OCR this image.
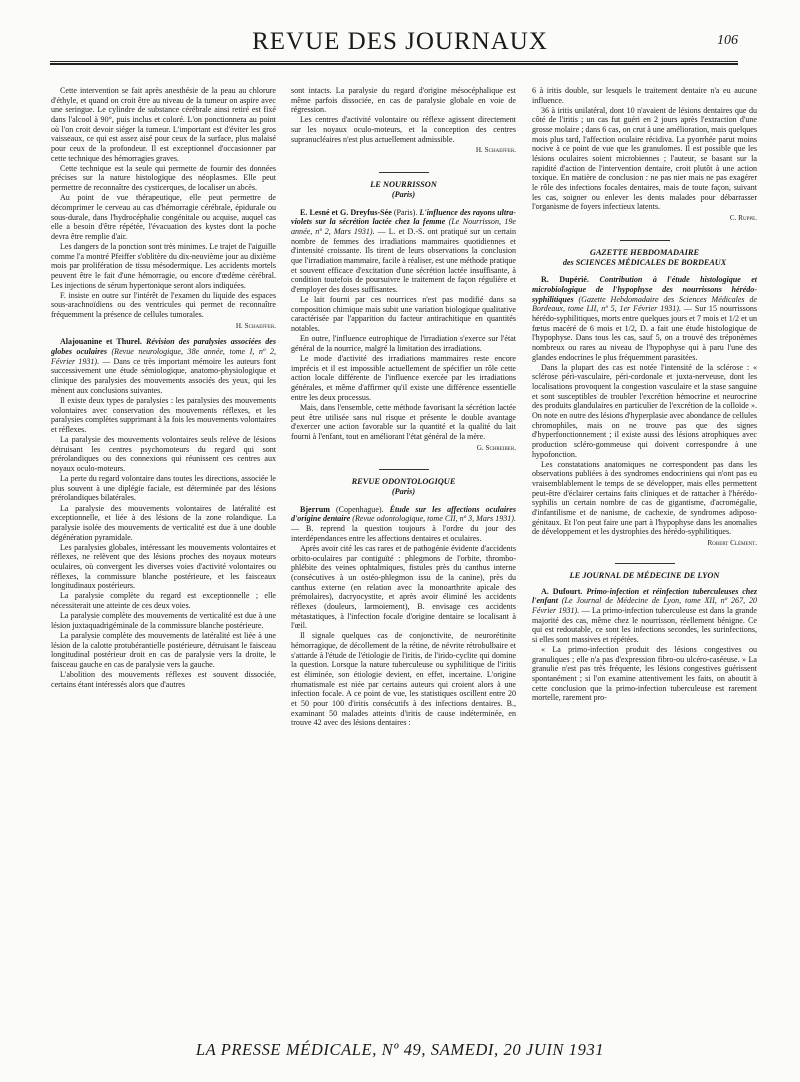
REVUE DES JOURNAUX	106

Cette intervention se fait après anesthésie de la peau au chlorure d'éthyle, et quand on croit être au niveau de la tumeur on aspire avec une seringue. Le cylindre de substance cérébrale ainsi retiré est fixé dans l'alcool à 90°, puis inclus et coloré. L'on ponctionnera au point où l'on croit devoir siéger la tumeur. L'important est d'éviter les gros vaisseaux, ce qui est assez aisé pour ceux de la surface, plus malaisé pour ceux de la profondeur. Il est exceptionnel d'occasionner par cette technique des hémorragies graves.

Cette technique est la seule qui permette de fournir des données précises sur la nature histologique des néoplasmes. Elle peut permettre de reconnaître des cysticerques, de localiser un abcès.

Au point de vue thérapeutique, elle peut permettre de décomprimer le cerveau au cas d'hémorragie cérébrale, épidurale ou sous-durale, dans l'hydrocéphalie congénitale ou acquise, auquel cas elle a besoin d'être répétée, l'évacuation des kystes dont la poche devra être remplie d'air.

Les dangers de la ponction sont très minimes. Le trajet de l'aiguille comme l'a montré Pfeiffer s'oblitère du dix-neuvième jour au dixième mois par prolifération de tissu mésodermique. Les accidents mortels peuvent être le fait d'une hémorragie, ou encore d'œdème cérébral. Les injections de sérum hypertonique seront alors indiquées.

F. insiste en outre sur l'intérêt de l'examen du liquide des espaces sous-arachnoïdiens ou des ventricules qui permet de reconnaître fréquemment la présence de cellules tumorales.

H. Schaeffer.

Alajouanine et Thurel. Révision des paralysies associées des globes oculaires (Revue neurologique, 38e année, tome I, nº 2, Février 1931). — Dans ce très important mémoire les auteurs font successivement une étude sémiologique, anatomo-physiologique et clinique des paralysies des mouvements associés des yeux, qui les mènent aux conclusions suivantes.

Il existe deux types de paralysies : les paralysies des mouvements volontaires avec conservation des mouvements réflexes, et les paralysies complètes supprimant à la fois les mouvements volontaires et réflexes.

La paralysie des mouvements volontaires seuls relève de lésions détruisant les centres psychomoteurs du regard qui sont prérolandiques ou des connexions qui réunissent ces centres aux noyaux oculo-moteurs.

La perte du regard volontaire dans toutes les directions, associée le plus souvent à une diplégie faciale, est déterminée par des lésions prérolandiques bilatérales.

La paralysie des mouvements volontaires de latéralité est exceptionnelle, et liée à des lésions de la zone rolandique. La paralysie isolée des mouvements de verticalité est due à une double dégénération pyramidale.

Les paralysies globales, intéressant les mouvements volontaires et réflexes, ne relèvent que des lésions proches des noyaux moteurs oculaires, où convergent les diverses voies d'activité volontaires ou réflexes, la commissure blanche postérieure, et les faisceaux longitudinaux postérieurs.

La paralysie complète du regard est exceptionnelle ; elle nécessiterait une atteinte de ces deux voies.

La paralysie complète des mouvements de verticalité est due à une lésion juxtaquadrigéminale de la commissure blanche postérieure.

La paralysie complète des mouvements de latéralité est liée à une lésion de la calotte protubérantielle postérieure, détruisant le faisceau longitudinal postérieur droit en cas de paralysie vers la droite, le faisceau gauche en cas de paralysie vers la gauche.

L'abolition des mouvements réflexes est souvent dissociée, certains étant intéressés alors que d'autres

sont intacts. La paralysie du regard d'origine mésocéphalique est même parfois dissociée, en cas de paralysie globale en voie de régression.

Les centres d'activité volontaire ou réflexe agissent directement sur les noyaux oculo-moteurs, et la conception des centres supranucléaires n'est plus actuellement admissible.

H. Schaeffer.
LE NOURRISSON
(Paris)

E. Lesné et G. Dreyfus-Sée (Paris). L'influence des rayons ultra-violets sur la sécrétion lactée chez la femme (Le Nourrisson, 19e année, nº 2, Mars 1931). — L. et D.-S. ont pratiqué sur un certain nombre de femmes des irradiations mammaires quotidiennes et d'intensité croissante. Ils tirent de leurs observations la conclusion que l'irradiation mammaire, facile à réaliser, est une méthode pratique et souvent efficace d'excitation d'une sécrétion lactée insuffisante, à condition toutefois de poursuivre le traitement de façon régulière et d'employer des doses suffisantes.

Le lait fourni par ces nourrices n'est pas modifié dans sa composition chimique mais subit une variation biologique qualitative caractérisée par l'apparition du facteur antirachitique en quantités notables.

En outre, l'influence eutrophique de l'irradiation s'exerce sur l'état général de la nourrice, malgré la limitation des irradiations.

Le mode d'activité des irradiations mammaires reste encore imprécis et il est impossible actuellement de spécifier un rôle cette action locale différente de l'influence exercée par les irradiations générales, et même d'affirmer qu'il existe une différence essentielle entre les deux processus.

Mais, dans l'ensemble, cette méthode favorisant la sécrétion lactée peut être utilisée sans nul risque et présente le double avantage d'exercer une action favorable sur la quantité et la qualité du lait fourni à l'enfant, tout en améliorant l'état général de la mère.

G. Schreiber.
REVUE ODONTOLOGIQUE
(Paris)

Bjerrum (Copenhague). Étude sur les affections oculaires d'origine dentaire (Revue odontologique, tome CII, nº 3, Mars 1931). — B. reprend la question toujours à l'ordre du jour des interdépendances entre les affections dentaires et oculaires.

Après avoir cité les cas rares et de pathogénie évidente d'accidents orbito-oculaires par contiguïté : phlegmons de l'orbite, thrombo-phlébite des veines ophtalmiques, fistules près du canthus interne (consécutives à un ostéo-phlegmon issu de la canine), près du canthus externe (en relation avec la monoarthrite apicale des prémolaires), dacryocystite, et après avoir éliminé les accidents réflexes (douleurs, larmoiement), B. envisage ces accidents métastatiques, à l'infection focale d'origine dentaire se localisant à l'œil.

Il signale quelques cas de conjonctivite, de neurorétinite hémorragique, de décollement de la rétine, de névrite rétrobulbaire et s'attarde à l'étude de l'étiologie de l'iritis, de l'irido-cyclite qui domine la question. Lorsque la nature tuberculeuse ou syphilitique de l'iritis est éliminée, son étiologie devient, en effet, incertaine. L'origine rhumatismale est niée par certains auteurs qui croient alors à une infection focale. A ce point de vue, les statistiques oscillent entre 20 et 50 pour 100 d'iritis consécutifs à des infections dentaires. B., examinant 50 malades atteints d'iritis de cause indéterminée, en trouve 42 avec des lésions dentaires :

6 à iritis double, sur lesquels le traitement dentaire n'a eu aucune influence.

36 à iritis unilatéral, dont 10 n'avaient de lésions dentaires que du côté de l'iritis ; un cas fut guéri en 2 jours après l'extraction d'une grosse molaire ; dans 6 cas, on crut à une amélioration, mais quelques mois plus tard, l'affection oculaire récidiva. La pyorrhée parut moins nocive à ce point de vue que les granulomes. Il est possible que les lésions oculaires soient microbiennes ; l'auteur, se basant sur la rapidité d'action de l'intervention dentaire, croit plutôt à une action toxique. En matière de conclusion : ne pas nier mais ne pas exagérer le rôle des infections focales dentaires, mais de toute façon, suivant les cas, soigner ou enlever les dents malades pour débarrasser l'organisme de foyers infectieux latents.

C. Ruppe.
GAZETTE HEBDOMADAIRE
des SCIENCES MÉDICALES DE BORDEAUX

R. Dupérié. Contribution à l'étude histologique et microbiologique de l'hypophyse des nourrissons hérédo-syphilitiques (Gazette Hebdomadaire des Sciences Médicales de Bordeaux, tome LII, nº 5, 1er Février 1931). — Sur 15 nourrissons hérédo-syphilitiques, morts entre quelques jours et 7 mois et 1/2 et un fœtus macéré de 6 mois et 1/2, D. a fait une étude histologique de l'hypophyse. Dans tous les cas, sauf 5, on a trouvé des tréponèmes nombreux ou rares au niveau de l'hypophyse qui à paru l'une des glandes endocrines le plus fréquemment parasitées.

Dans la plupart des cas est notée l'intensité de la sclérose : « sclérose péri-vasculaire, péri-cordonale et juxta-nerveuse, dont les localisations provoquent la congestion vasculaire et la stase sanguine et sont susceptibles de troubler l'excrétion hémocrine et neurocrine des produits glandulaires en particulier de l'excrétion de la colloïde ». On note en outre des lésions d'hyperplasie avec abondance de cellules chromophiles, mais on ne trouve pas que des signes d'hyperfonctionnement ; il existe aussi des lésions atrophiques avec production scléro-gommeuse qui doivent correspondre à une hypofonction.

Les constatations anatomiques ne correspondent pas dans les observations publiées à des syndromes endocriniens qui n'ont pas eu vraisemblablement le temps de se développer, mais elles permettent peut-être d'éclairer certains faits cliniques et de rattacher à l'hérédo-syphilis un certain nombre de cas de gigantisme, d'acromégalie, d'infantilisme et de nanisme, de cachexie, de syndromes adiposo-génitaux. Et l'on peut faire une part à l'hypophyse dans les anomalies de développement et les dystrophies des hérédo-syphilitiques.

Robert Clément.
LE JOURNAL DE MÉDECINE DE LYON

A. Dufourt. Primo-infection et réinfection tuberculeuses chez l'enfant (Le Journal de Médecine de Lyon, tome XII, nº 267, 20 Février 1931). — La primo-infection tuberculeuse est dans la grande majorité des cas, même chez le nourrisson, réellement bénigne. Ce qui est redoutable, ce sont les infections secondes, les surinfections, si elles sont massives et répétées.

« La primo-infection produit des lésions congestives ou granuliques ; elle n'a pas d'expression fibro-ou ulcéro-caséeuse. » La granulie n'est pas très fréquente, les lésions congestives guérissent spontanément ; si l'on examine attentivement les faits, on aboutit à cette conclusion que la primo-infection tuberculeuse est rarement mortelle, rarement pro-

LA PRESSE MÉDICALE, Nº 49, SAMEDI, 20 JUIN 1931
